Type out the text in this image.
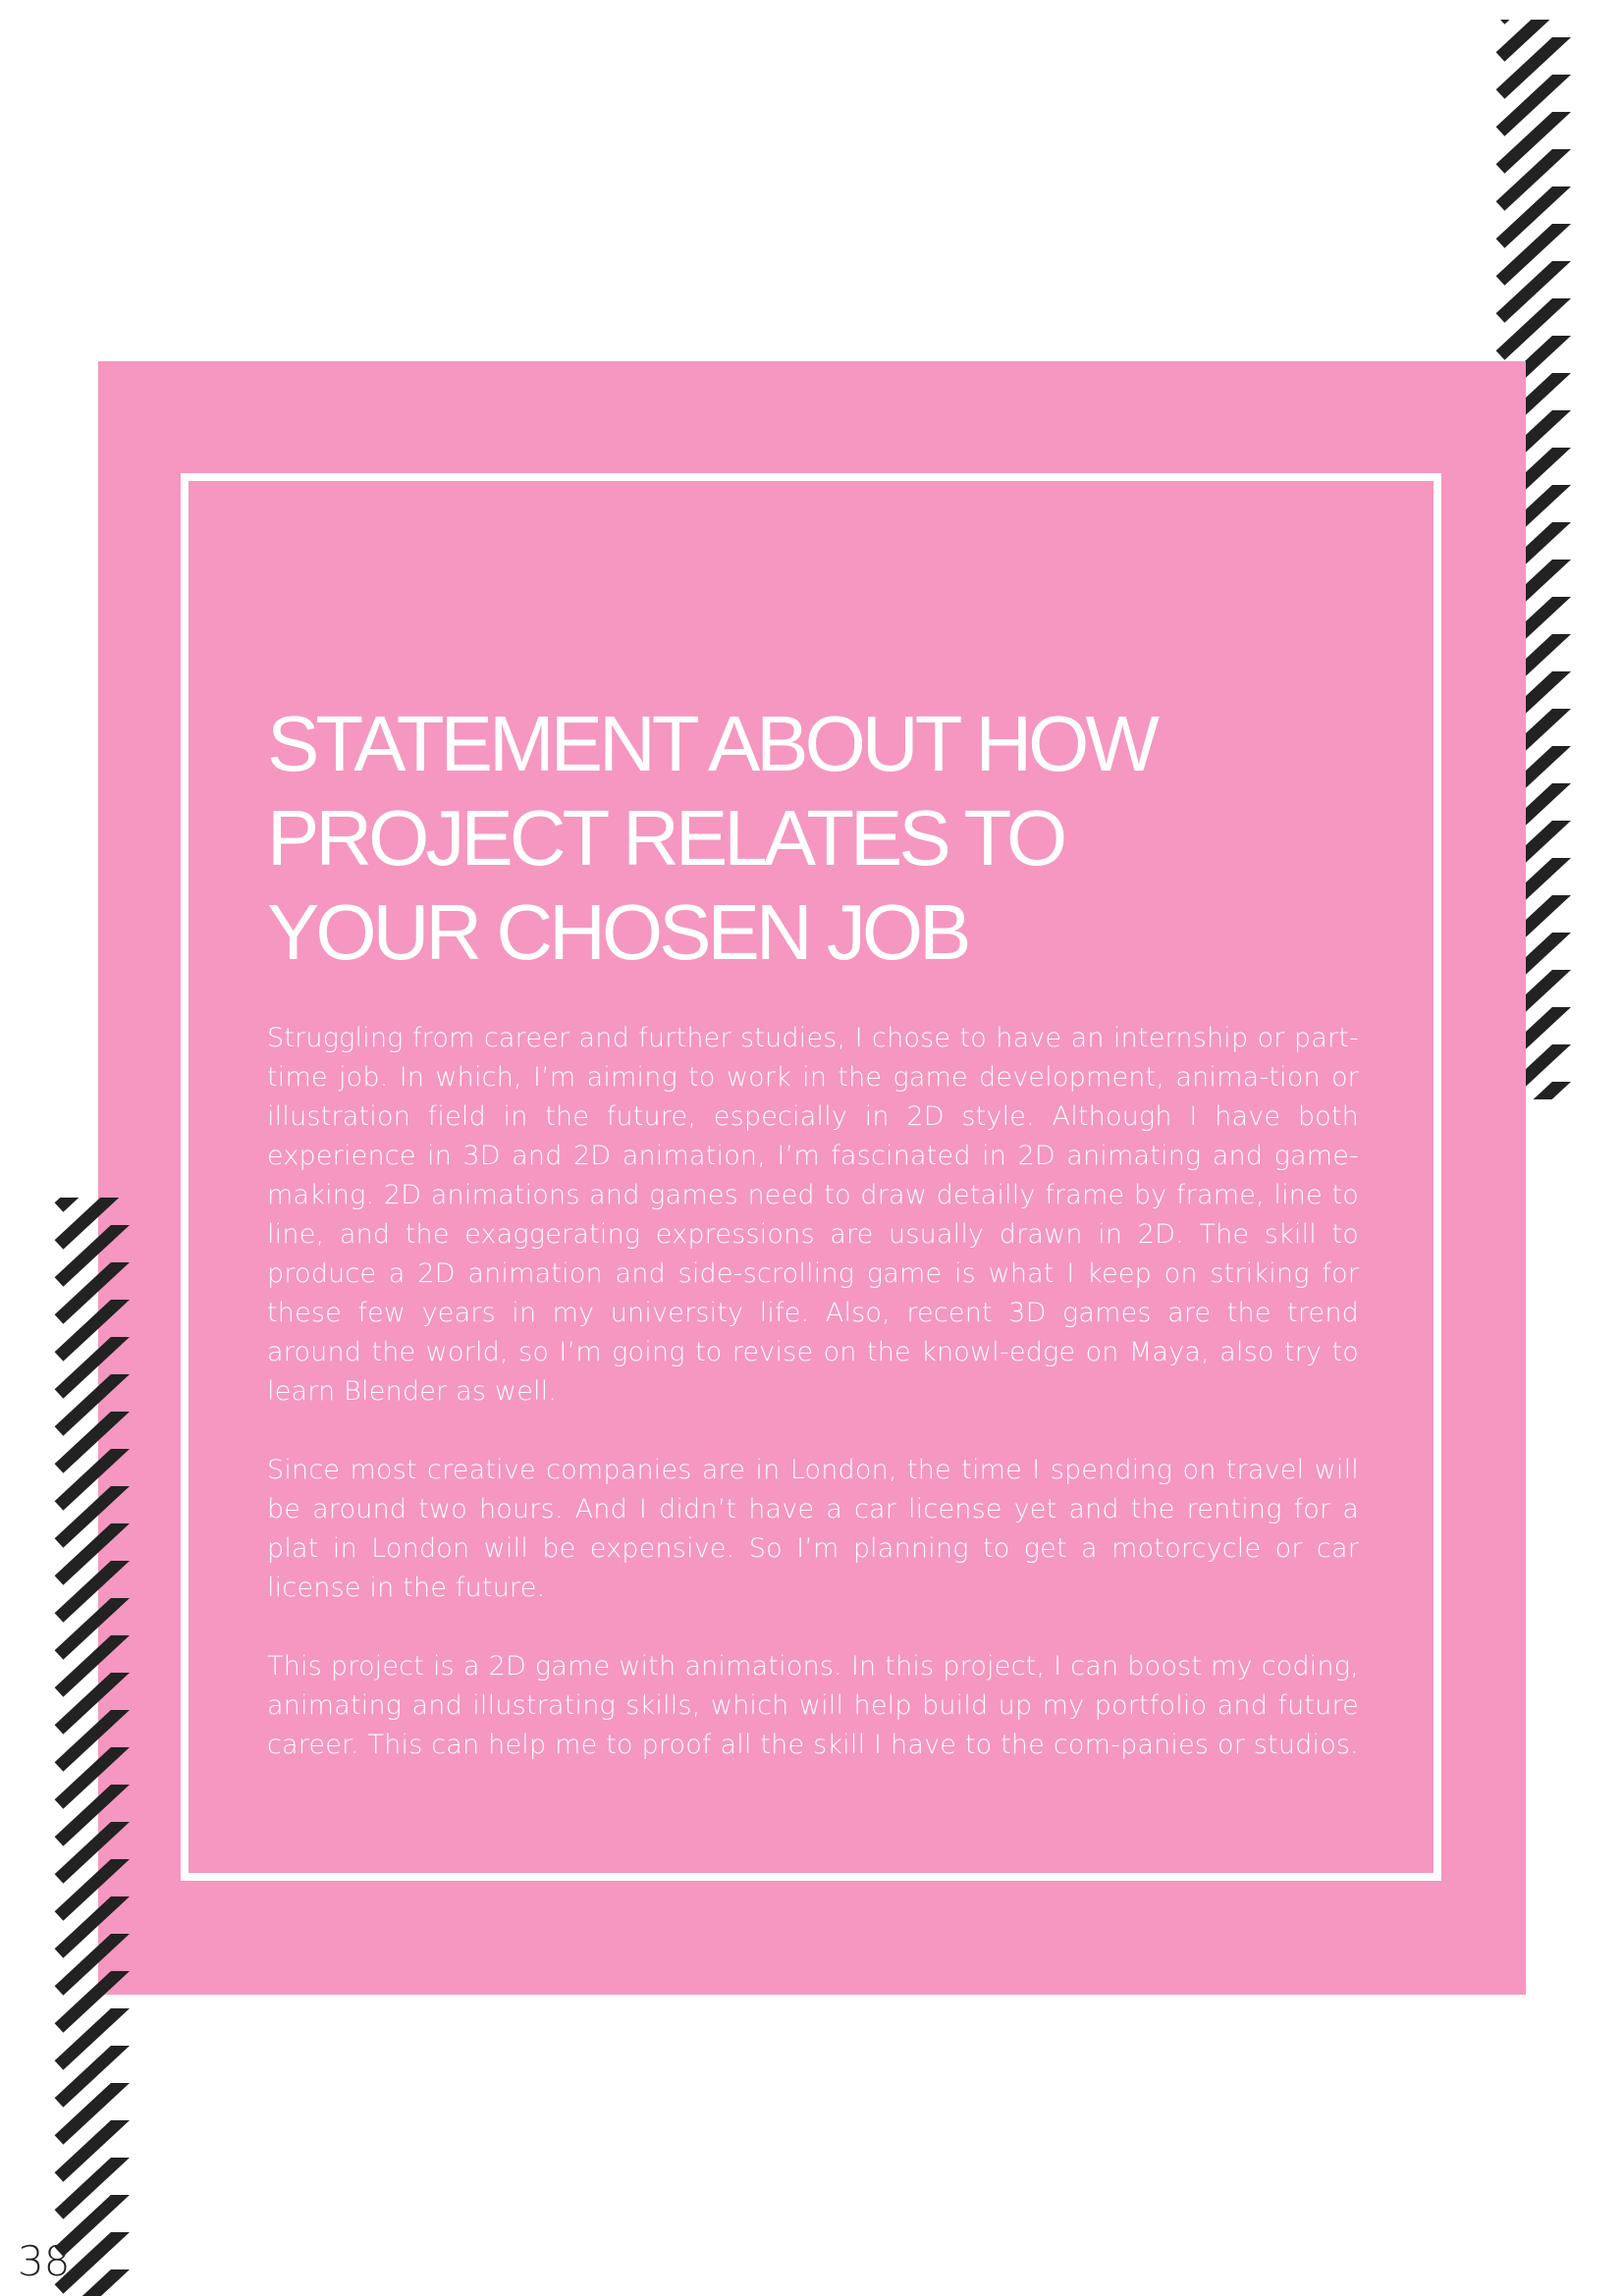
STATEMENT ABOUT HOW
PROJECT RELATES TO
YOUR CHOSEN JOB

Struggling from career and further studies, I chose to have an internship or part-time job. In which, I’m aiming to work in the game development, anima-tion or illustration field in the future, especially in 2D style. Although I have both experience in 3D and 2D animation, I’m fascinated in 2D animating and game-making. 2D animations and games need to draw detailly frame by frame, line to line, and the exaggerating expressions are usually drawn in 2D. The skill to produce a 2D animation and side-scrolling game is what I keep on striking for these few years in my university life. Also, recent 3D games are the trend around the world, so I’m going to revise on the knowl-edge on Maya, also try to learn Blender as well.

Since most creative companies are in London, the time I spending on travel will be around two hours. And I didn’t have a car license yet and the renting for a plat in London will be expensive. So I’m planning to get a motorcycle or car license in the future.

This project is a 2D game with animations. In this project, I can boost my coding, animating and illustrating skills, which will help build up my portfolio and future career. This can help me to proof all the skill I have to the com-panies or studios.

38
